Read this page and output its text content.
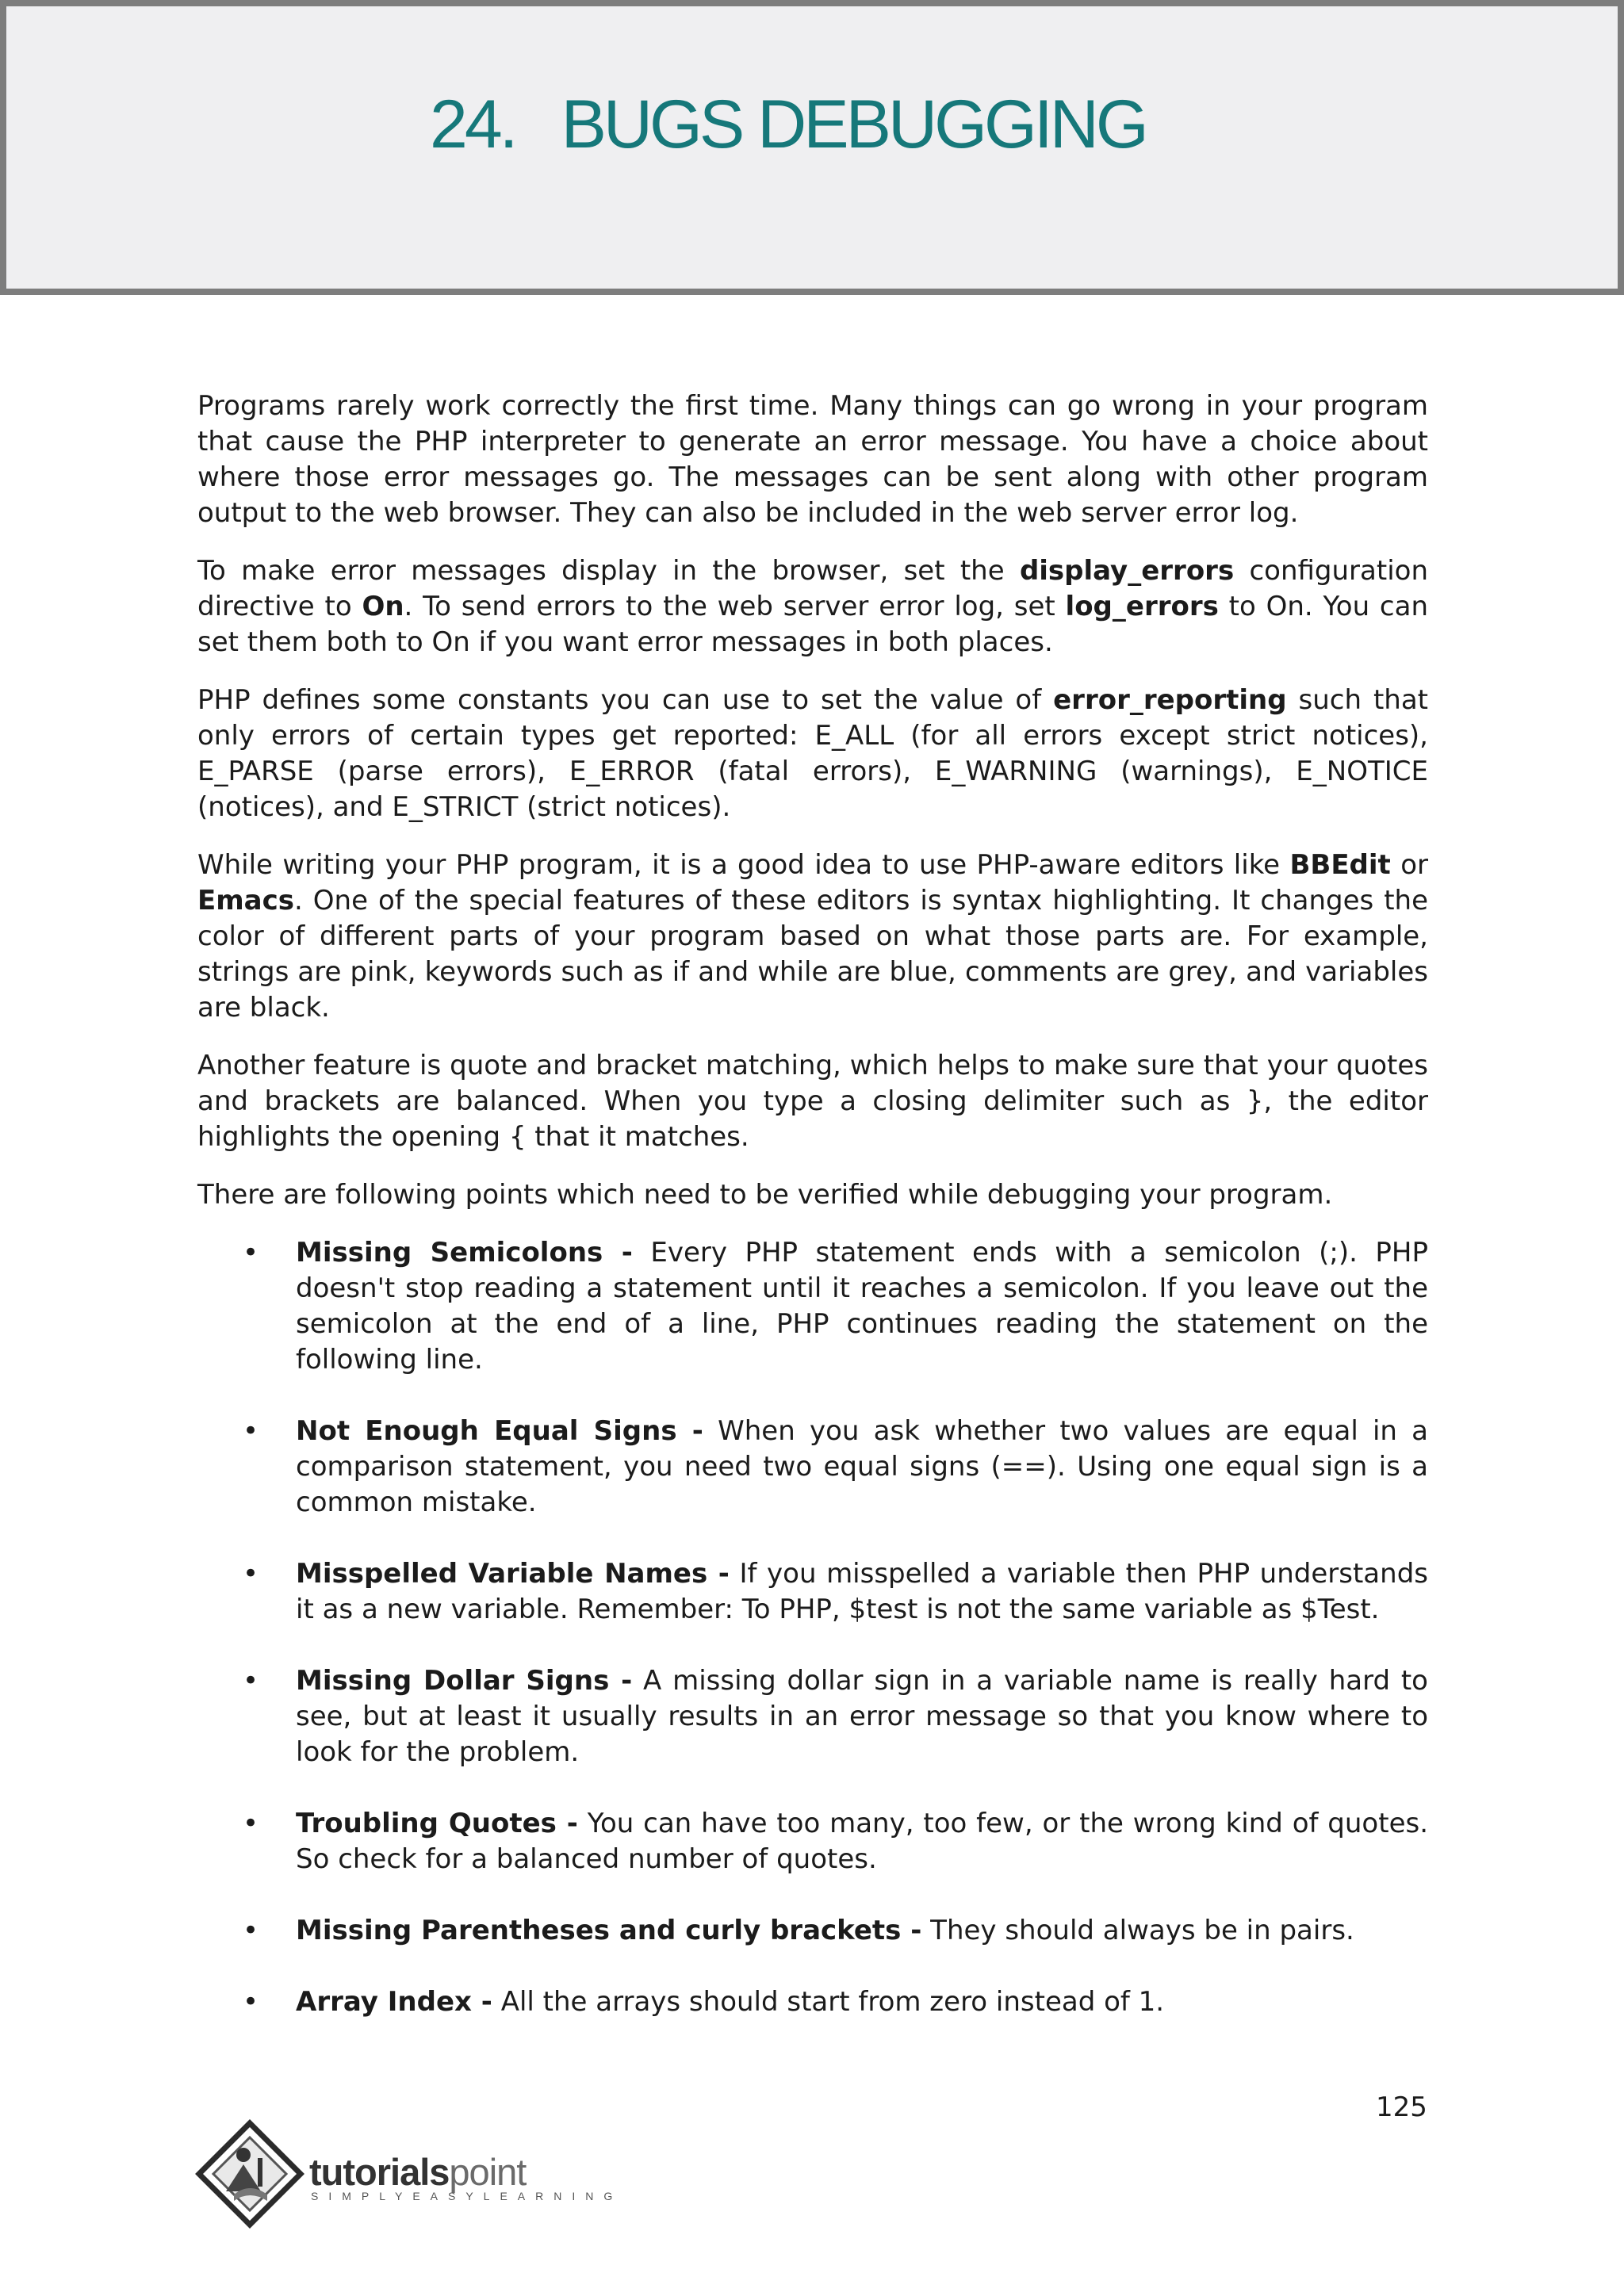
24. BUGS DEBUGGING

Programs rarely work correctly the first time. Many things can go wrong in your program that cause the PHP interpreter to generate an error message. You have a choice about where those error messages go. The messages can be sent along with other program output to the web browser. They can also be included in the web server error log.

To make error messages display in the browser, set the display_errors configuration directive to On. To send errors to the web server error log, set log_errors to On. You can set them both to On if you want error messages in both places.

PHP defines some constants you can use to set the value of error_reporting such that only errors of certain types get reported: E_ALL (for all errors except strict notices), E_PARSE (parse errors), E_ERROR (fatal errors), E_WARNING (warnings), E_NOTICE (notices), and E_STRICT (strict notices).

While writing your PHP program, it is a good idea to use PHP-aware editors like BBEdit or Emacs. One of the special features of these editors is syntax highlighting. It changes the color of different parts of your program based on what those parts are. For example, strings are pink, keywords such as if and while are blue, comments are grey, and variables are black.

Another feature is quote and bracket matching, which helps to make sure that your quotes and brackets are balanced. When you type a closing delimiter such as }, the editor highlights the opening { that it matches.

There are following points which need to be verified while debugging your program.

• Missing Semicolons - Every PHP statement ends with a semicolon (;). PHP doesn't stop reading a statement until it reaches a semicolon. If you leave out the semicolon at the end of a line, PHP continues reading the statement on the following line.
• Not Enough Equal Signs - When you ask whether two values are equal in a comparison statement, you need two equal signs (==). Using one equal sign is a common mistake.
• Misspelled Variable Names - If you misspelled a variable then PHP understands it as a new variable. Remember: To PHP, $test is not the same variable as $Test.
• Missing Dollar Signs - A missing dollar sign in a variable name is really hard to see, but at least it usually results in an error message so that you know where to look for the problem.
• Troubling Quotes - You can have too many, too few, or the wrong kind of quotes. So check for a balanced number of quotes.
• Missing Parentheses and curly brackets - They should always be in pairs.
• Array Index - All the arrays should start from zero instead of 1.
125
tutorialspoint
SIMPLYEASYLEARNING
